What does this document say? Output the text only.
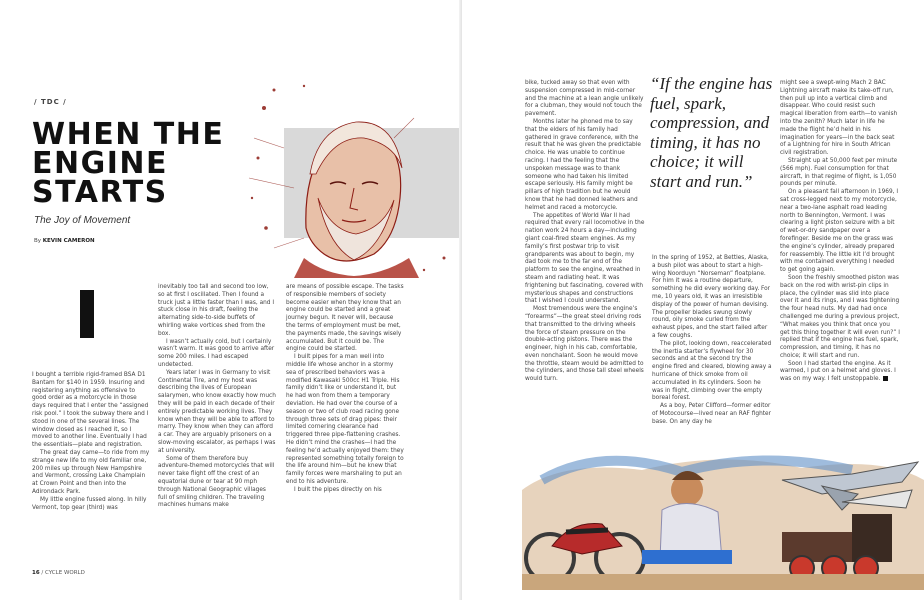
/ TDC /
WHEN THE ENGINE STARTS
The Joy of Movement
By KEVIN CAMERON

I bought a terrible rigid-framed BSA D1 Bantam for $140 in 1959. Insuring and registering anything as offensive to good order as a motorcycle in those days required that I enter the “assigned risk pool.” I took the subway there and I stood in one of the several lines. The window closed as I reached it, so I moved to another line. Eventually I had the essentials—plate and registration.

The great day came—to ride from my strange new life to my old familiar one, 200 miles up through New Hampshire and Vermont, crossing Lake Champlain at Crown Point and then into the Adirondack Park.

My little engine fussed along. In hilly Vermont, top gear (third) was

inevitably too tall and second too low, so at first I oscillated. Then I found a truck just a little faster than I was, and I stuck close in his draft, feeling the alternating side-to-side buffets of whirling wake vortices shed from the box.

I wasn’t actually cold, but I certainly wasn’t warm. It was good to arrive after some 200 miles. I had escaped undetected.

Years later I was in Germany to visit Continental Tire, and my host was describing the lives of European salarymen, who know exactly how much they will be paid in each decade of their entirely predictable working lives. They know when they will be able to afford to marry. They know when they can afford a car. They are arguably prisoners on a slow-moving escalator, as perhaps I was at university.

Some of them therefore buy adventure-themed motorcycles that will never take flight off the crest of an equatorial dune or tear at 90 mph through National Geographic villages full of smiling children. The traveling machines humans make

are means of possible escape. The tasks of responsible members of society become easier when they know that an engine could be started and a great journey begun. It never will, because the terms of employment must be met, the payments made, the savings wisely accumulated. But it could be. The engine could be started.

I built pipes for a man well into middle life whose anchor in a stormy sea of prescribed behaviors was a modified Kawasaki 500cc H1 Triple. His family didn’t like or understand it, but he had won from them a temporary deviation. He had over the course of a season or two of club road racing gone through three sets of drag pipes: their limited cornering clearance had triggered three pipe-flattening crashes. He didn’t mind the crashes—I had the feeling he’d actually enjoyed them: they represented something totally foreign to the life around him—but he knew that family forces were marshaling to put an end to his adventure.

I built the pipes directly on his

16 / CYCLE WORLD

bike, tucked away so that even with suspension compressed in mid-corner and the machine at a lean angle unlikely for a clubman, they would not touch the pavement.

Months later he phoned me to say that the elders of his family had gathered in grave conference, with the result that he was given the predictable choice. He was unable to continue racing. I had the feeling that the unspoken message was to thank someone who had taken his limited escape seriously. His family might be pillars of high tradition but he would know that he had donned leathers and helmet and raced a motorcycle.

The appetites of World War II had required that every rail locomotive in the nation work 24 hours a day—including giant coal-fired steam engines. As my family’s first postwar trip to visit grandparents was about to begin, my dad took me to the far end of the platform to see the engine, wreathed in steam and radiating heat. It was frightening but fascinating, covered with mysterious shapes and constructions that I wished I could understand.

Most tremendous were the engine’s “forearms”—the great steel driving rods that transmitted to the driving wheels the force of steam pressure on the double-acting pistons. There was the engineer, high in his cab, comfortable, even nonchalant. Soon he would move the throttle, steam would be admitted to the cylinders, and those tall steel wheels would turn.

“If the engine has fuel, spark, compression, and timing, it has no choice; it will start and run.”

In the spring of 1952, at Bettles, Alaska, a bush pilot was about to start a high-wing Noorduyn “Norseman” floatplane. For him it was a routine departure, something he did every working day. For me, 10 years old, it was an irresistible display of the power of human devising. The propeller blades swung slowly round, oily smoke curled from the exhaust pipes, and the start failed after a few coughs.

The pilot, looking down, reaccelerated the inertia starter’s flywheel for 30 seconds and at the second try the engine fired and cleared, blowing away a hurricane of thick smoke from oil accumulated in its cylinders. Soon he was in flight, climbing over the empty boreal forest.

As a boy, Peter Clifford—former editor of Motocourse—lived near an RAF fighter base. On any day he

might see a swept-wing Mach 2 BAC Lightning aircraft make its take-off run, then pull up into a vertical climb and disappear. Who could resist such magical liberation from earth—to vanish into the zenith? Much later in life he made the flight he’d held in his imagination for years—in the back seat of a Lightning for hire in South African civil registration.

Straight up at 50,000 feet per minute (566 mph). Fuel consumption for that aircraft, in that regime of flight, is 1,050 pounds per minute.

On a pleasant fall afternoon in 1969, I sat cross-legged next to my motorcycle, near a two-lane asphalt road leading north to Bennington, Vermont. I was clearing a light piston seizure with a bit of wet-or-dry sandpaper over a forefinger. Beside me on the grass was the engine’s cylinder, already prepared for reassembly. The little kit I’d brought with me contained everything I needed to get going again.

Soon the freshly smoothed piston was back on the rod with wrist-pin clips in place, the cylinder was slid into place over it and its rings, and I was tightening the four head nuts. My dad had once challenged me during a previous project, “What makes you think that once you get this thing together it will even run?” I replied that if the engine has fuel, spark, compression, and timing, it has no choice; it will start and run.

Soon I had started the engine. As it warmed, I put on a helmet and gloves. I was on my way. I felt unstoppable.
